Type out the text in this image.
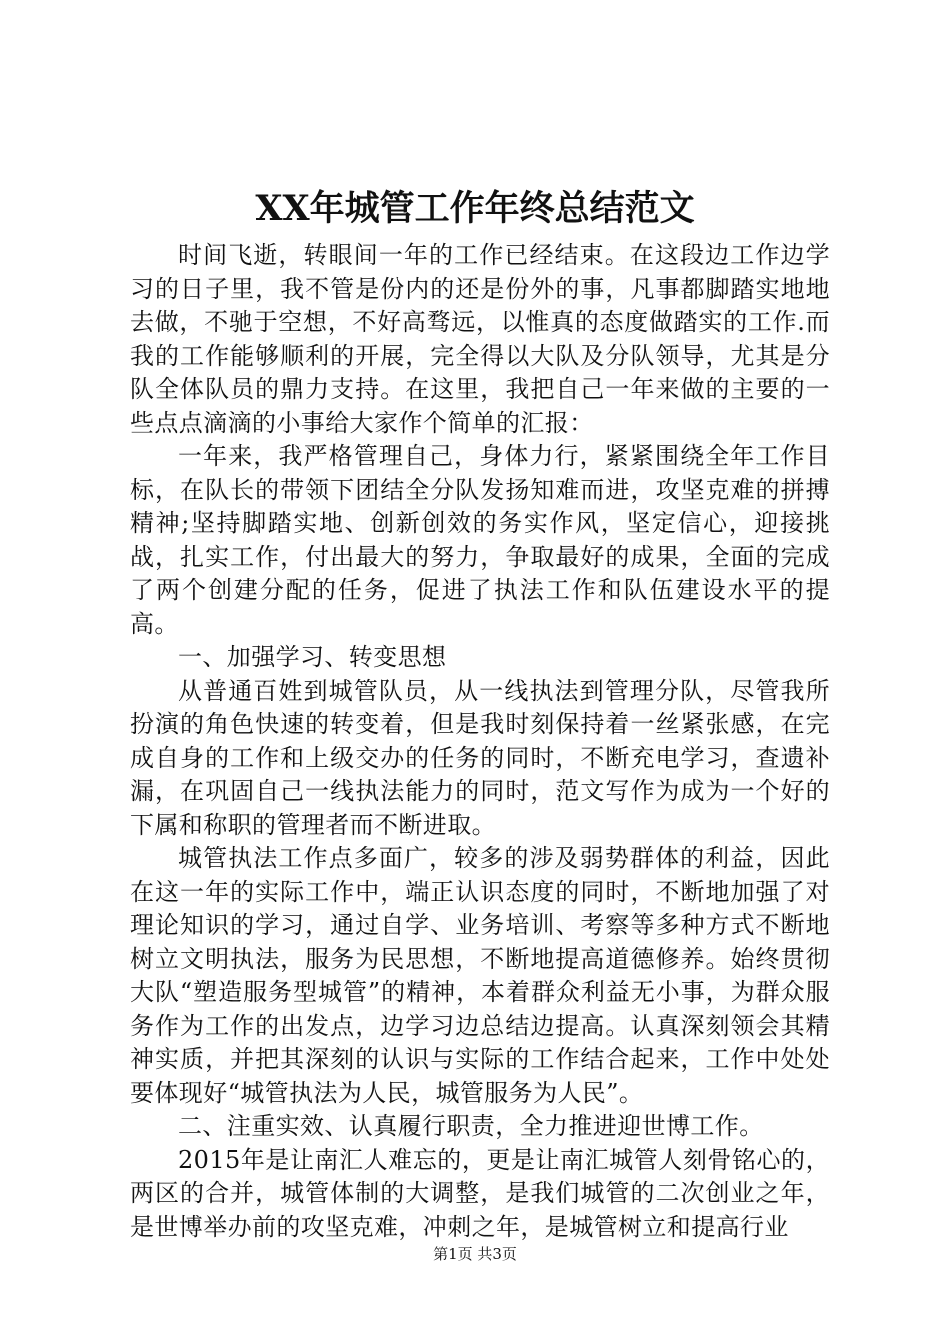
XX年城管工作年终总结范文

时间飞逝，转眼间一年的工作已经结束。在这段边工作边学习的日子里，我不管是份内的还是份外的事，凡事都脚踏实地地去做，不驰于空想，不好高骛远，以惟真的态度做踏实的工作.而我的工作能够顺利的开展，完全得以大队及分队领导，尤其是分队全体队员的鼎力支持。在这里，我把自己一年来做的主要的一些点点滴滴的小事给大家作个简单的汇报：

一年来，我严格管理自己，身体力行，紧紧围绕全年工作目标，在队长的带领下团结全分队发扬知难而进，攻坚克难的拼搏精神;坚持脚踏实地、创新创效的务实作风，坚定信心，迎接挑战，扎实工作，付出最大的努力，争取最好的成果，全面的完成了两个创建分配的任务，促进了执法工作和队伍建设水平的提高。

一、加强学习、转变思想

从普通百姓到城管队员，从一线执法到管理分队，尽管我所扮演的角色快速的转变着，但是我时刻保持着一丝紧张感，在完成自身的工作和上级交办的任务的同时，不断充电学习，查遗补漏，在巩固自己一线执法能力的同时，范文写作为成为一个好的下属和称职的管理者而不断进取。

城管执法工作点多面广，较多的涉及弱势群体的利益，因此在这一年的实际工作中，端正认识态度的同时，不断地加强了对理论知识的学习，通过自学、业务培训、考察等多种方式不断地树立文明执法，服务为民思想，不断地提高道德修养。始终贯彻大队“塑造服务型城管”的精神，本着群众利益无小事，为群众服务作为工作的出发点，边学习边总结边提高。认真深刻领会其精神实质，并把其深刻的认识与实际的工作结合起来，工作中处处要体现好“城管执法为人民，城管服务为人民”。

二、注重实效、认真履行职责，全力推进迎世博工作。

2015年是让南汇人难忘的，更是让南汇城管人刻骨铭心的，两区的合并，城管体制的大调整，是我们城管的二次创业之年，是世博举办前的攻坚克难，冲刺之年，是城管树立和提高行业

第1页 共3页
